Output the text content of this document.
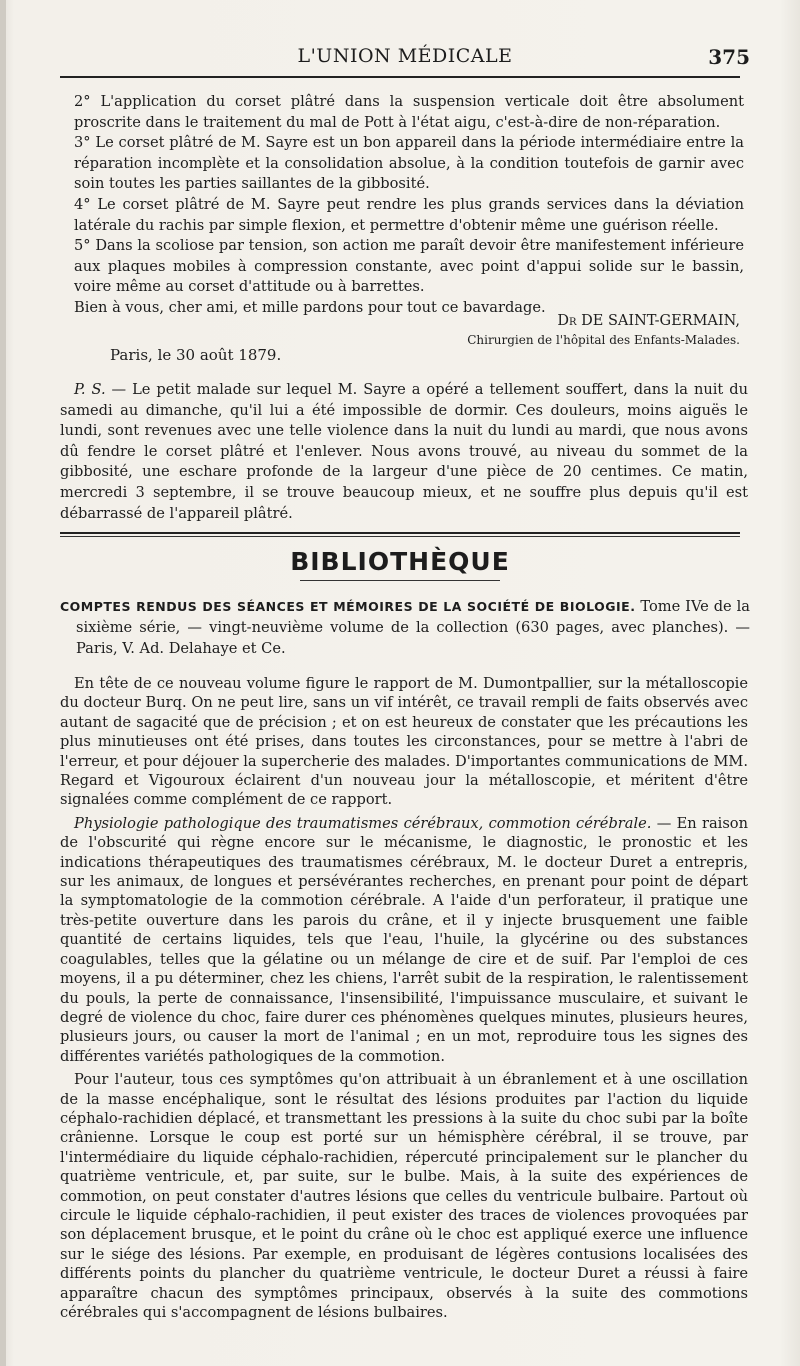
L'UNION MÉDICALE	375

2° L'application du corset plâtré dans la suspension verticale doit être absolument proscrite dans le traitement du mal de Pott à l'état aigu, c'est-à-dire de non-réparation.

3° Le corset plâtré de M. Sayre est un bon appareil dans la période intermédiaire entre la réparation incomplète et la consolidation absolue, à la condition toutefois de garnir avec soin toutes les parties saillantes de la gibbosité.

4° Le corset plâtré de M. Sayre peut rendre les plus grands services dans la déviation latérale du rachis par simple flexion, et permettre d'obtenir même une guérison réelle.

5° Dans la scoliose par tension, son action me paraît devoir être manifestement inférieure aux plaques mobiles à compression constante, avec point d'appui solide sur le bassin, voire même au corset d'attitude ou à barrettes.

Bien à vous, cher ami, et mille pardons pour tout ce bavardage.

Dr DE SAINT-GERMAIN,
Chirurgien de l'hôpital des Enfants-Malades.
Paris, le 30 août 1879.

P. S. — Le petit malade sur lequel M. Sayre a opéré a tellement souffert, dans la nuit du samedi au dimanche, qu'il lui a été impossible de dormir. Ces douleurs, moins aiguës le lundi, sont revenues avec une telle violence dans la nuit du lundi au mardi, que nous avons dû fendre le corset plâtré et l'enlever. Nous avons trouvé, au niveau du sommet de la gibbosité, une eschare profonde de la largeur d'une pièce de 20 centimes. Ce matin, mercredi 3 septembre, il se trouve beaucoup mieux, et ne souffre plus depuis qu'il est débarrassé de l'appareil plâtré.

BIBLIOTHÈQUE

COMPTES RENDUS DES SÉANCES ET MÉMOIRES DE LA SOCIÉTÉ DE BIOLOGIE. Tome IVe de la sixième série, — vingt-neuvième volume de la collection (630 pages, avec planches). — Paris, V. Ad. Delahaye et Ce.

En tête de ce nouveau volume figure le rapport de M. Dumontpallier, sur la métalloscopie du docteur Burq. On ne peut lire, sans un vif intérêt, ce travail rempli de faits observés avec autant de sagacité que de précision ; et on est heureux de constater que les précautions les plus minutieuses ont été prises, dans toutes les circonstances, pour se mettre à l'abri de l'erreur, et pour déjouer la supercherie des malades. D'importantes communications de MM. Regard et Vigouroux éclairent d'un nouveau jour la métalloscopie, et méritent d'être signalées comme complément de ce rapport.

Physiologie pathologique des traumatismes cérébraux, commotion cérébrale. — En raison de l'obscurité qui règne encore sur le mécanisme, le diagnostic, le pronostic et les indications thérapeutiques des traumatismes cérébraux, M. le docteur Duret a entrepris, sur les animaux, de longues et persévérantes recherches, en prenant pour point de départ la symptomatologie de la commotion cérébrale. A l'aide d'un perforateur, il pratique une très-petite ouverture dans les parois du crâne, et il y injecte brusquement une faible quantité de certains liquides, tels que l'eau, l'huile, la glycérine ou des substances coagulables, telles que la gélatine ou un mélange de cire et de suif. Par l'emploi de ces moyens, il a pu déterminer, chez les chiens, l'arrêt subit de la respiration, le ralentissement du pouls, la perte de connaissance, l'insensibilité, l'impuissance musculaire, et suivant le degré de violence du choc, faire durer ces phénomènes quelques minutes, plusieurs heures, plusieurs jours, ou causer la mort de l'animal ; en un mot, reproduire tous les signes des différentes variétés pathologiques de la commotion.

Pour l'auteur, tous ces symptômes qu'on attribuait à un ébranlement et à une oscillation de la masse encéphalique, sont le résultat des lésions produites par l'action du liquide céphalo-rachidien déplacé, et transmettant les pressions à la suite du choc subi par la boîte crânienne. Lorsque le coup est porté sur un hémisphère cérébral, il se trouve, par l'intermédiaire du liquide céphalo-rachidien, répercuté principalement sur le plancher du quatrième ventricule, et, par suite, sur le bulbe. Mais, à la suite des expériences de commotion, on peut constater d'autres lésions que celles du ventricule bulbaire. Partout où circule le liquide céphalo-rachidien, il peut exister des traces de violences provoquées par son déplacement brusque, et le point du crâne où le choc est appliqué exerce une influence sur le siége des lésions. Par exemple, en produisant de légères contusions localisées des différents points du plancher du quatrième ventricule, le docteur Duret a réussi à faire apparaître chacun des symptômes principaux, observés à la suite des commotions cérébrales qui s'accompagnent de lésions bulbaires.
